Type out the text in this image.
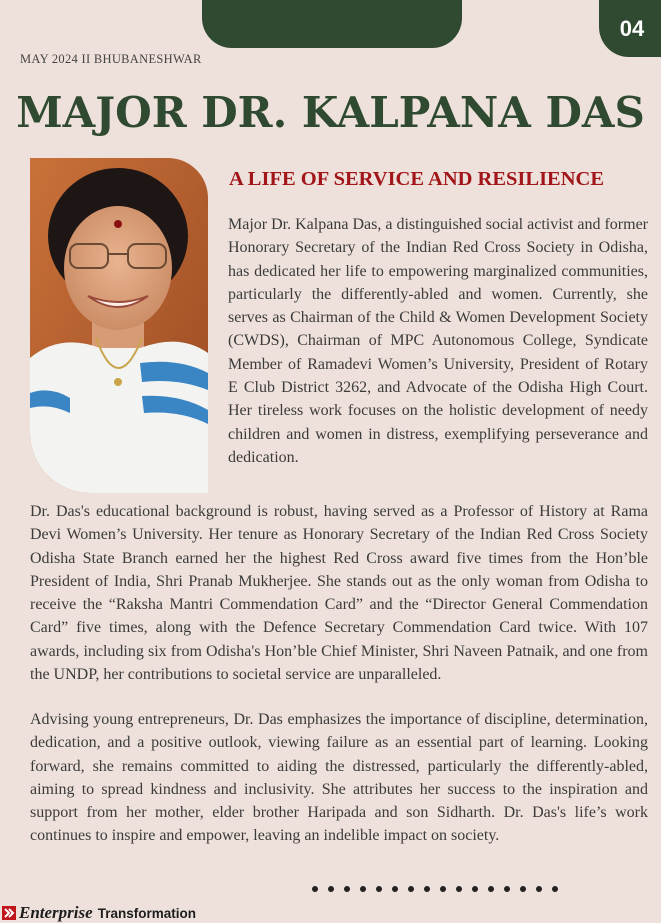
04
MAY 2024 II BHUBANESHWAR
MAJOR DR. KALPANA DAS
A LIFE OF SERVICE AND RESILIENCE

Major Dr. Kalpana Das, a distinguished social activist and former Honorary Secretary of the Indian Red Cross Society in Odisha, has dedicated her life to empowering marginalized communities, particularly the differently-abled and women. Currently, she serves as Chairman of the Child & Women Development Society (CWDS), Chairman of MPC Autonomous College, Syndicate Member of Ramadevi Women’s University, President of Rotary E Club District 3262, and Advocate of the Odisha High Court. Her tireless work focuses on the holistic development of needy children and women in distress, exemplifying perseverance and dedication.

Dr. Das's educational background is robust, having served as a Professor of History at Rama Devi Women’s University. Her tenure as Honorary Secretary of the Indian Red Cross Society Odisha State Branch earned her the highest Red Cross award five times from the Hon’ble President of India, Shri Pranab Mukherjee. She stands out as the only woman from Odisha to receive the “Raksha Mantri Commendation Card” and the “Director General Commendation Card” five times, along with the Defence Secretary Commendation Card twice. With 107 awards, including six from Odisha's Hon’ble Chief Minister, Shri Naveen Patnaik, and one from the UNDP, her contributions to societal service are unparalleled.

Advising young entrepreneurs, Dr. Das emphasizes the importance of discipline, determination, dedication, and a positive outlook, viewing failure as an essential part of learning. Looking forward, she remains committed to aiding the distressed, particularly the differently-abled, aiming to spread kindness and inclusivity. She attributes her success to the inspiration and support from her mother, elder brother Haripada and son Sidharth. Dr. Das's life’s work continues to inspire and empower, leaving an indelible impact on society.

Enterprise Transformation
